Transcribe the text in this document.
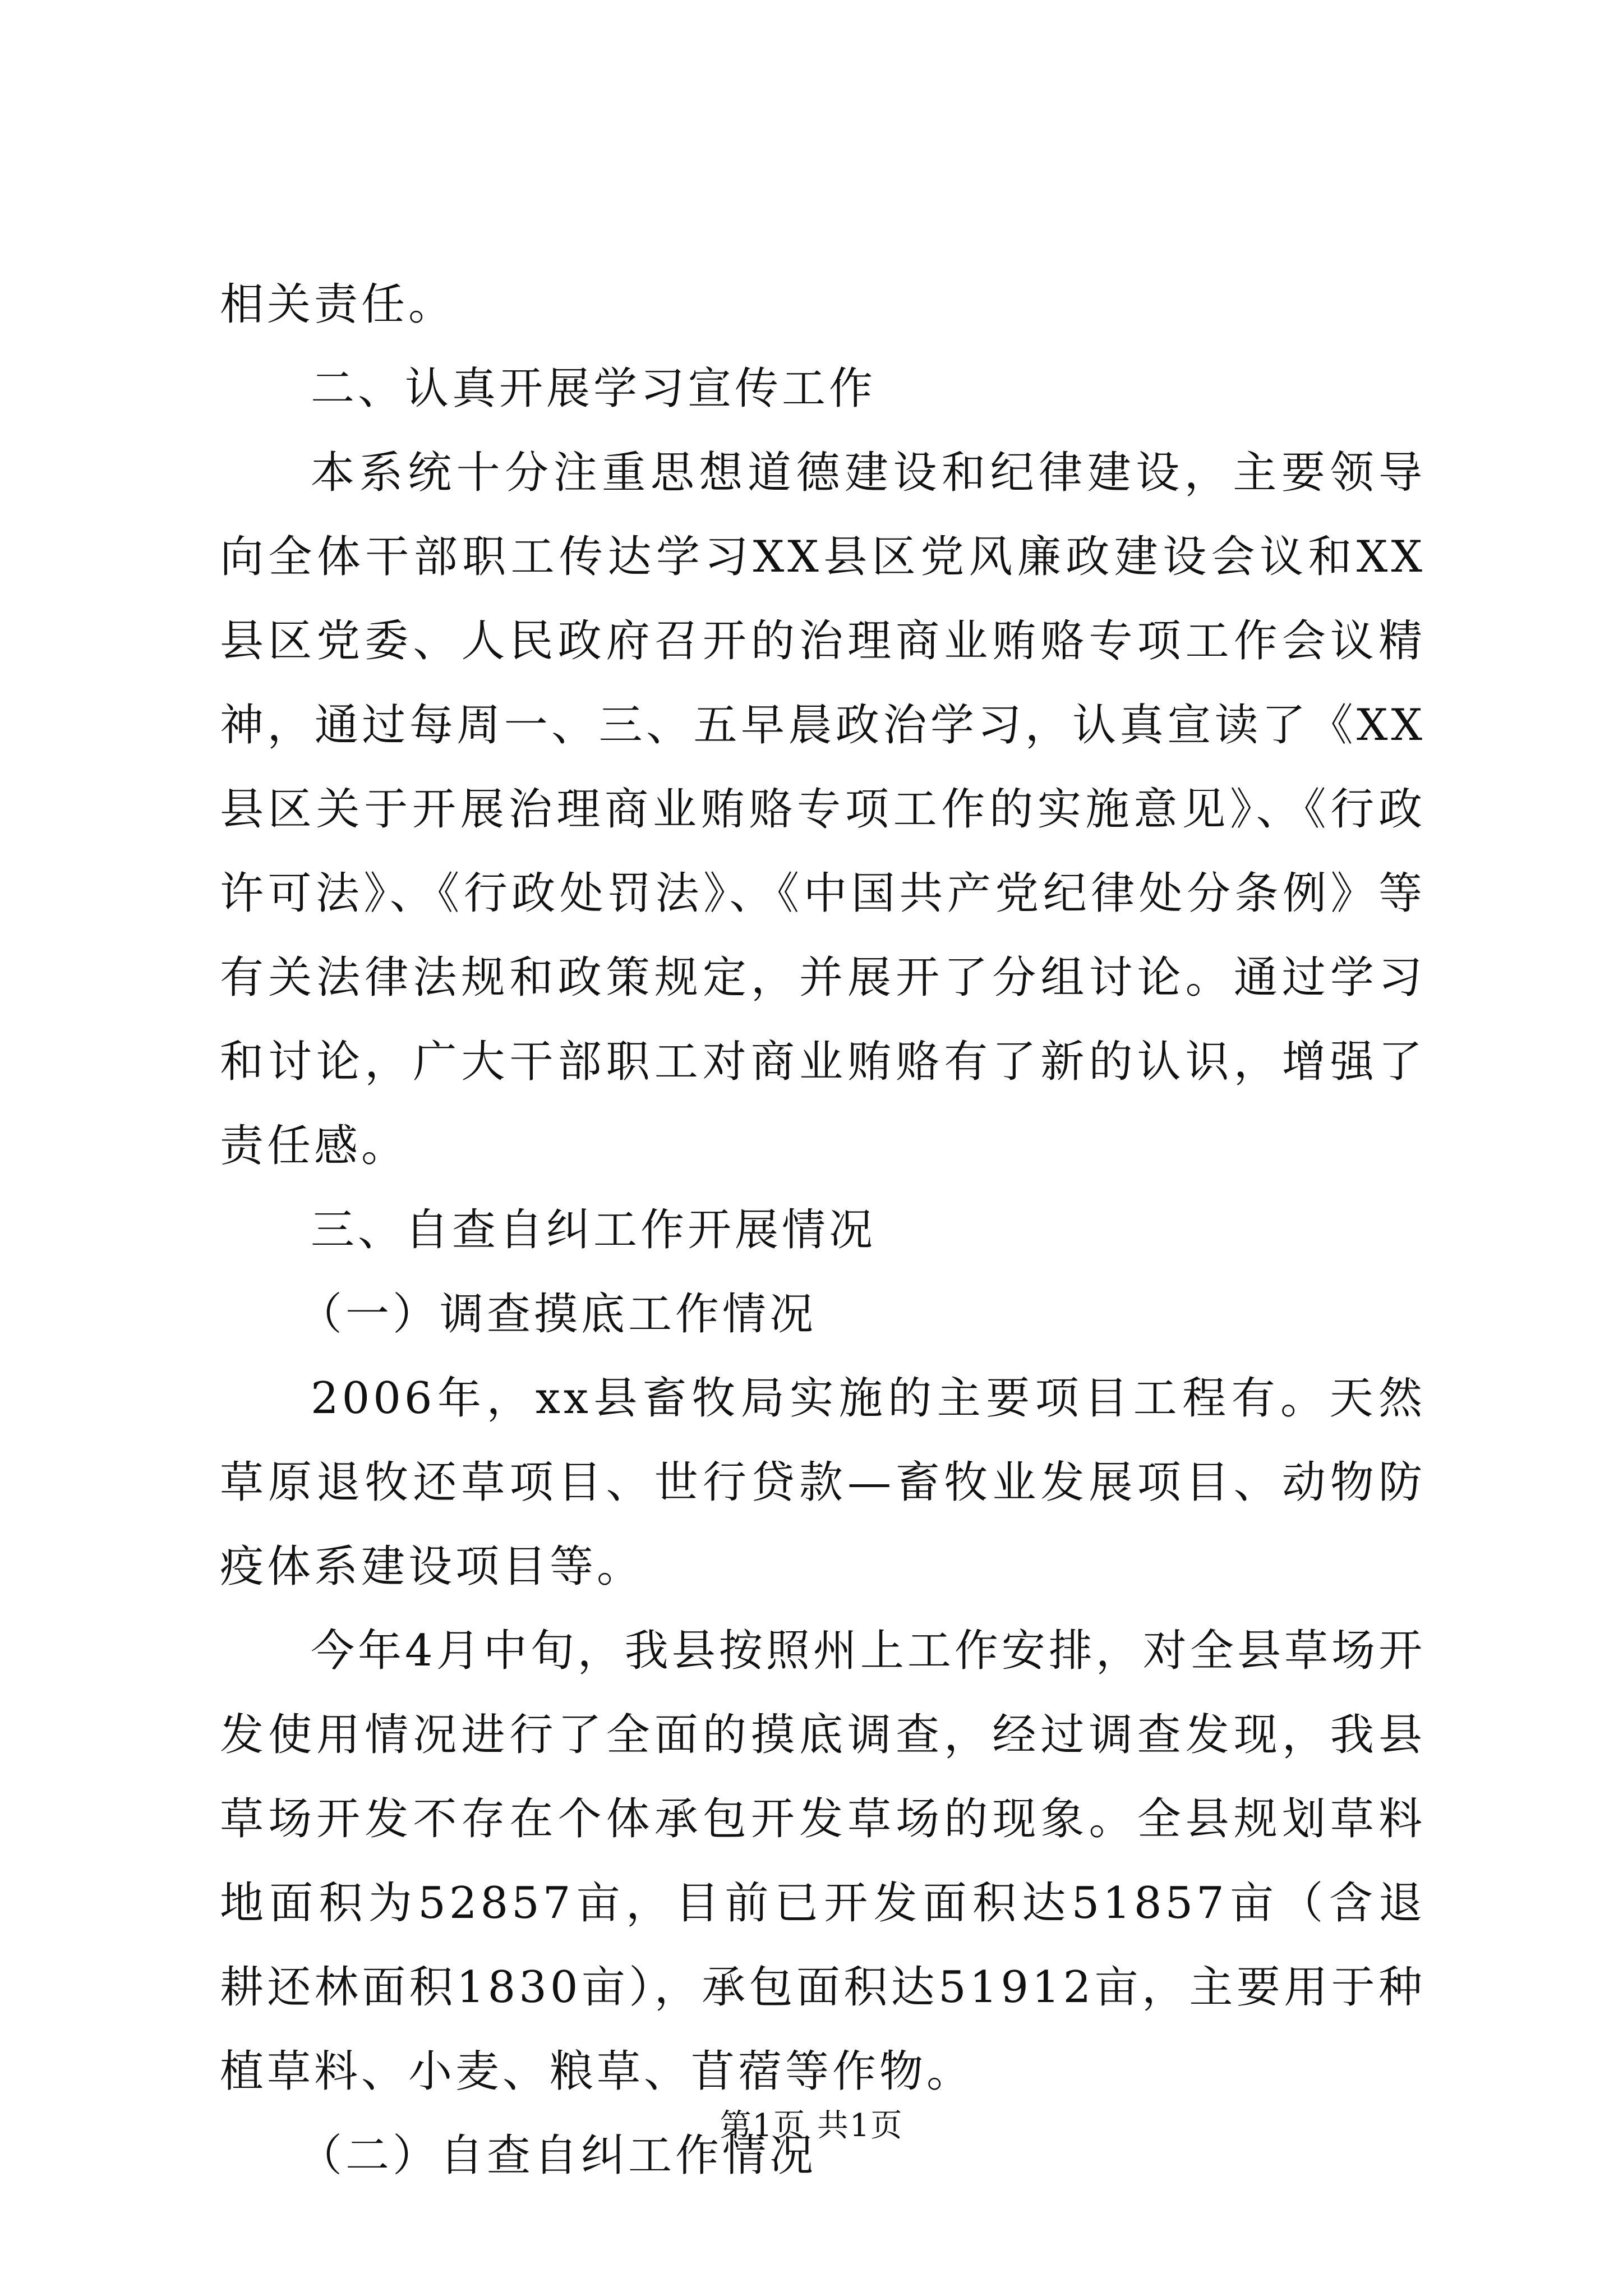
相关责任。

二、认真开展学习宣传工作

本系统十分注重思想道德建设和纪律建设，主要领导向全体干部职工传达学习XX县区党风廉政建设会议和XX县区党委、人民政府召开的治理商业贿赂专项工作会议精神，通过每周一、三、五早晨政治学习，认真宣读了《XX县区关于开展治理商业贿赂专项工作的实施意见》、《行政许可法》、《行政处罚法》、《中国共产党纪律处分条例》等有关法律法规和政策规定，并展开了分组讨论。通过学习和讨论，广大干部职工对商业贿赂有了新的认识，增强了责任感。

三、自查自纠工作开展情况

（一）调查摸底工作情况

2006年，xx县畜牧局实施的主要项目工程有。天然草原退牧还草项目、世行贷款—畜牧业发展项目、动物防疫体系建设项目等。

今年4月中旬，我县按照州上工作安排，对全县草场开发使用情况进行了全面的摸底调查，经过调查发现，我县草场开发不存在个体承包开发草场的现象。全县规划草料地面积为52857亩，目前已开发面积达51857亩（含退耕还林面积1830亩），承包面积达51912亩，主要用于种植草料、小麦、粮草、苜蓿等作物。

（二）自查自纠工作情况

第1页 共1页
